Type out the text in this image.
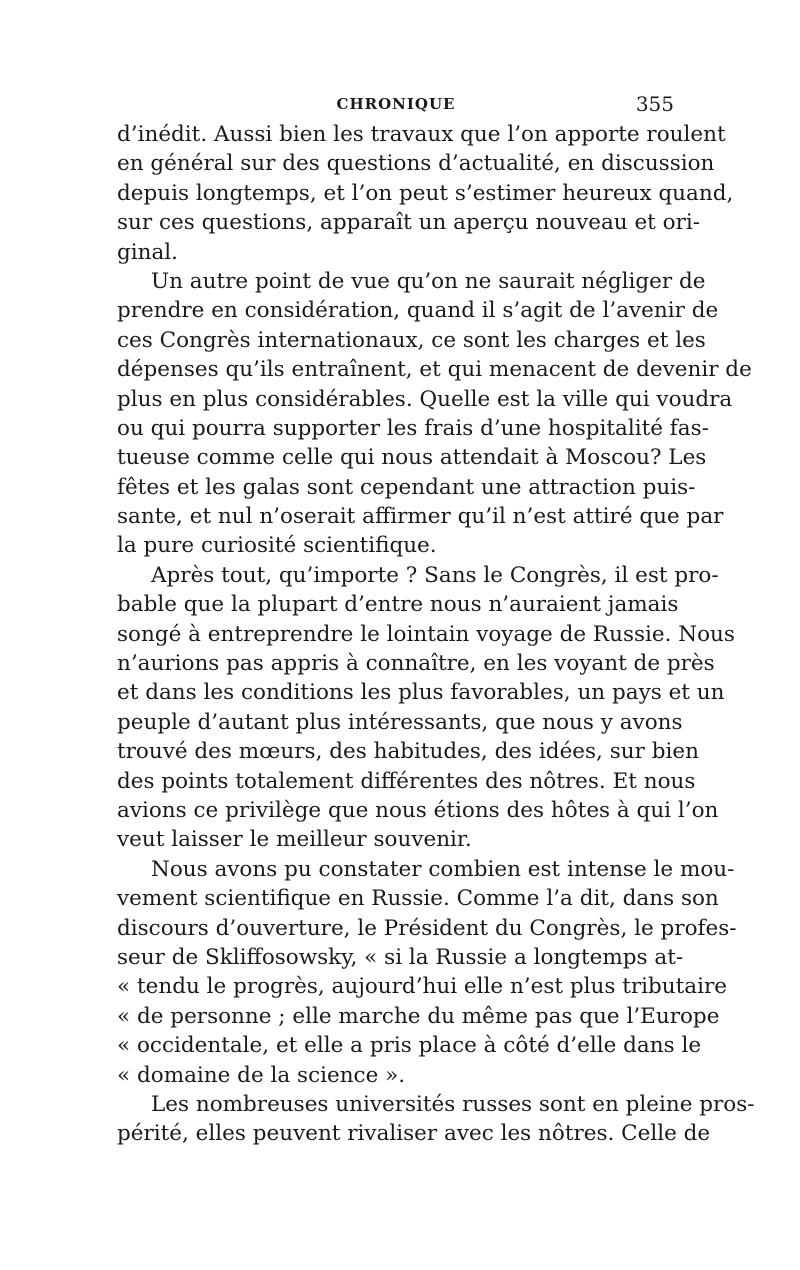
CHRONIQUE	355
d’inédit. Aussi bien les travaux que l’on apporte roulent
en général sur des questions d’actualité, en discussion
depuis longtemps, et l’on peut s’estimer heureux quand,
sur ces questions, apparaît un aperçu nouveau et ori-
ginal.
Un autre point de vue qu’on ne saurait négliger de
prendre en considération, quand il s’agit de l’avenir de
ces Congrès internationaux, ce sont les charges et les
dépenses qu’ils entraînent, et qui menacent de devenir de
plus en plus considérables. Quelle est la ville qui voudra
ou qui pourra supporter les frais d’une hospitalité fas-
tueuse comme celle qui nous attendait à Moscou? Les
fêtes et les galas sont cependant une attraction puis-
sante, et nul n’oserait affirmer qu’il n’est attiré que par
la pure curiosité scientifique.
Après tout, qu’importe ? Sans le Congrès, il est pro-
bable que la plupart d’entre nous n’auraient jamais
songé à entreprendre le lointain voyage de Russie. Nous
n’aurions pas appris à connaître, en les voyant de près
et dans les conditions les plus favorables, un pays et un
peuple d’autant plus intéressants, que nous y avons
trouvé des mœurs, des habitudes, des idées, sur bien
des points totalement différentes des nôtres. Et nous
avions ce privilège que nous étions des hôtes à qui l’on
veut laisser le meilleur souvenir.
Nous avons pu constater combien est intense le mou-
vement scientifique en Russie. Comme l’a dit, dans son
discours d’ouverture, le Président du Congrès, le profes-
seur de Skliffosowsky, « si la Russie a longtemps at-
« tendu le progrès, aujourd’hui elle n’est plus tributaire
« de personne ; elle marche du même pas que l’Europe
« occidentale, et elle a pris place à côté d’elle dans le
« domaine de la science ».
Les nombreuses universités russes sont en pleine pros-
périté, elles peuvent rivaliser avec les nôtres. Celle de
